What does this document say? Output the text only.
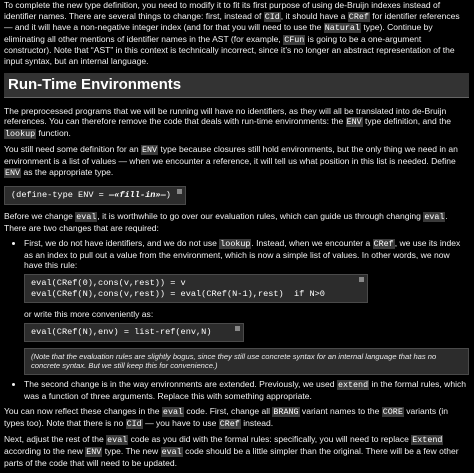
To complete the new type definition, you need to modify it to fit its first purpose of using de-Bruijn indexes instead of identifier names. There are several things to change: first, instead of CId, it should have a CRef for identifier references — and it will have a non-negative integer index (and for that you will need to use the Natural type). Continue by eliminating all other mentions of identifier names in the AST (for example, CFun is going to be a one-argument constructor). Note that “AST” in this context is technically incorrect, since it’s no longer an abstract representation of the input syntax, but an internal language.

Run-Time Environments

The preprocessed programs that we will be running will have no identifiers, as they will all be translated into de-Bruijn references. You can therefore remove the code that deals with run-time environments: the ENV type definition, and the lookup function.

You still need some definition for an ENV type because closures still hold environments, but the only thing we need in an environment is a list of values — when we encounter a reference, it will tell us what position in this list is needed. Define ENV as the appropriate type.

(define-type ENV = —«fill-in»—)

Before we change eval, it is worthwhile to go over our evaluation rules, which can guide us through changing eval. There are two changes that are required:

• First, we do not have identifiers, and we do not use lookup. Instead, when we encounter a CRef, we use its index as an index to pull out a value from the environment, which is now a simple list of values. In other words, we now have this rule:
eval(CRef(0),cons(v,rest)) = v
eval(CRef(N),cons(v,rest)) = eval(CRef(N-1),rest)  if N>0
or write this more conveniently as:
eval(CRef(N),env) = list-ref(env,N)
(Note that the evaluation rules are slightly bogus, since they still use concrete syntax for an internal language that has no concrete syntax. But we still keep this for convenience.)
• The second change is in the way environments are extended. Previously, we used extend in the formal rules, which was a function of three arguments. Replace this with something appropriate.

You can now reflect these changes in the eval code. First, change all BRANG variant names to the CORE variants (in types too). Note that there is no CId — you have to use CRef instead.

Next, adjust the rest of the eval code as you did with the formal rules: specifically, you will need to replace Extend according to the new ENV type. The new eval code should be a little simpler than the original. There will be a few other parts of the code that will need to be updated.
